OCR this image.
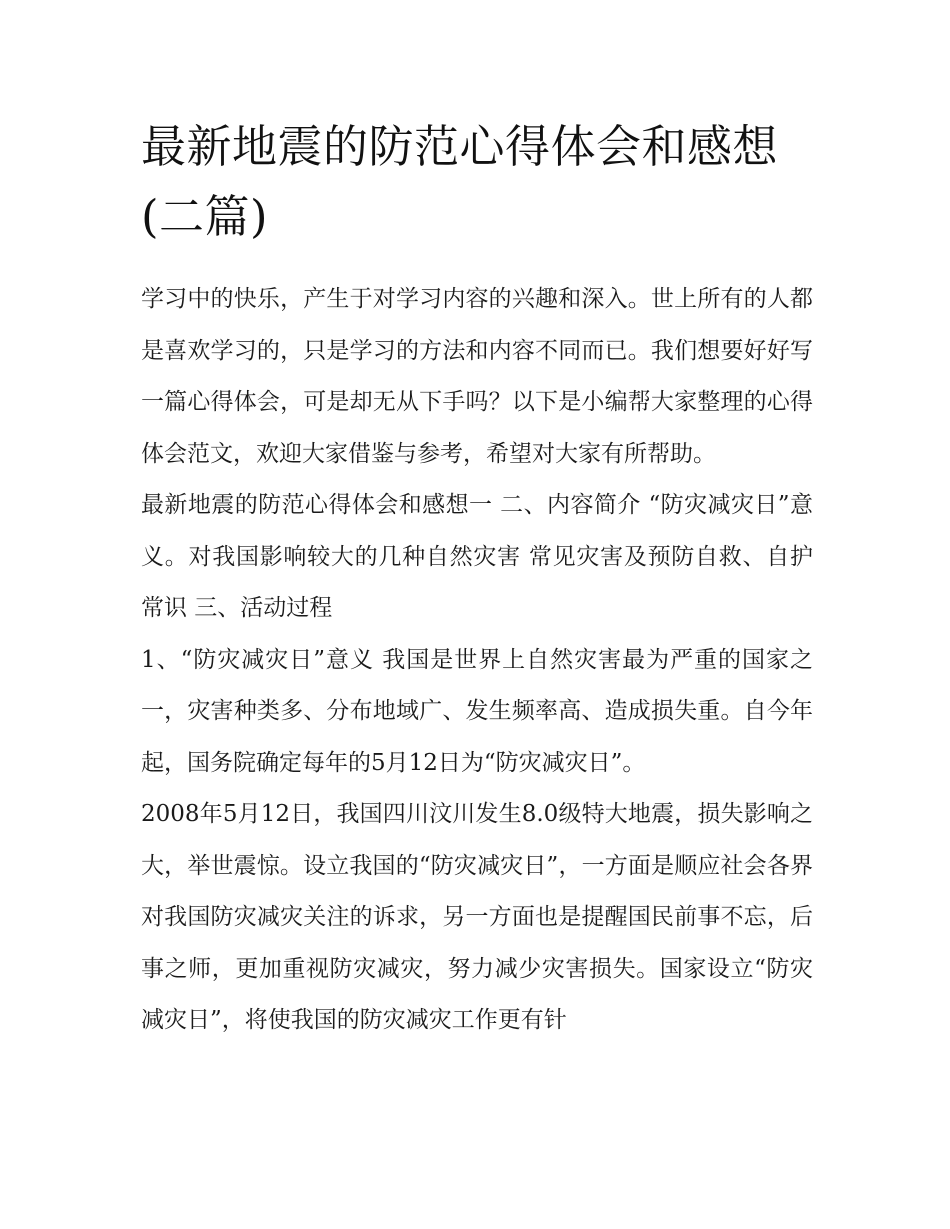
最新地震的防范心得体会和感想(二篇)

学习中的快乐，产生于对学习内容的兴趣和深入。世上所有的人都是喜欢学习的，只是学习的方法和内容不同而已。我们想要好好写一篇心得体会，可是却无从下手吗？以下是小编帮大家整理的心得体会范文，欢迎大家借鉴与参考，希望对大家有所帮助。

最新地震的防范心得体会和感想一 二、内容简介 “防灾减灾日”意义。对我国影响较大的几种自然灾害 常见灾害及预防自救、自护常识 三、活动过程

1、“防灾减灾日”意义 我国是世界上自然灾害最为严重的国家之一，灾害种类多、分布地域广、发生频率高、造成损失重。自今年起，国务院确定每年的5月12日为“防灾减灾日”。

2008年5月12日，我国四川汶川发生8.0级特大地震，损失影响之大，举世震惊。设立我国的“防灾减灾日”，一方面是顺应社会各界对我国防灾减灾关注的诉求，另一方面也是提醒国民前事不忘，后事之师，更加重视防灾减灾，努力减少灾害损失。国家设立“防灾减灾日”，将使我国的防灾减灾工作更有针
